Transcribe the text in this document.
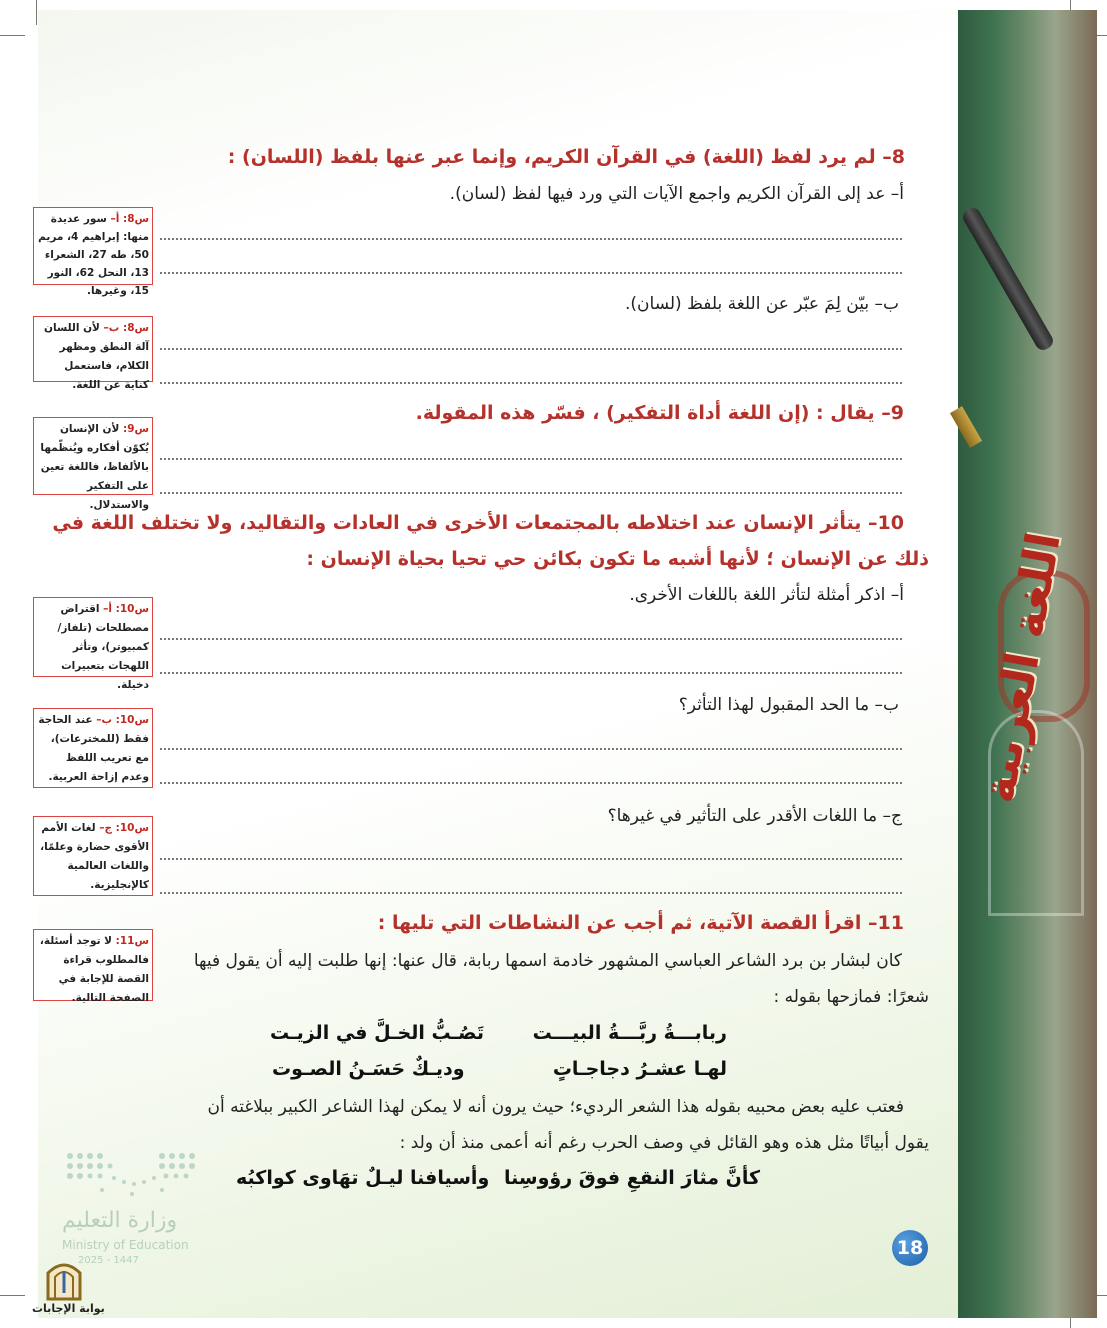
اللغة العربية
8– لم يرد لفظ (اللغة) في القرآن الكريم، وإنما عبر عنها بلفظ (اللسان) :
أ– عد إلى القرآن الكريم واجمع الآيات التي ورد فيها لفظ (لسان).
ب– بيّن لِمَ عبّر عن اللغة بلفظ (لسان).
9– يقال : (إن اللغة أداة التفكير) ، فسّر هذه المقولة.
10– يتأثر الإنسان عند اختلاطه بالمجتمعات الأخرى في العادات والتقاليد، ولا تختلف اللغة في
ذلك عن الإنسان ؛ لأنها أشبه ما تكون بكائن حي تحيا بحياة الإنسان :
أ– اذكر أمثلة لتأثر اللغة باللغات الأخرى.
ب– ما الحد المقبول لهذا التأثر؟
ج– ما اللغات الأقدر على التأثير في غيرها؟
11– اقرأ القصة الآتية، ثم أجب عن النشاطات التي تليها :
كان لبشار بن برد الشاعر العباسي المشهور خادمة اسمها ربابة، قال عنها: إنها طلبت إليه أن يقول فيها
شعرًا: فمازحها بقوله :
ربابـــةُ ربَّـــةُ البيـــت
تَصُـبُّ الخـلَّ في الزيـت
لهـا عشـرُ دجاجـاتٍ
وديـكٌ حَسَـنُ الصـوت
فعتب عليه بعض محبيه بقوله هذا الشعر الرديء؛ حيث يرون أنه لا يمكن لهذا الشاعر الكبير ببلاغته أن
يقول أبياتًا مثل هذه وهو القائل في وصف الحرب رغم أنه أعمى منذ أن ولد :
كأنَّ مثارَ النقعِ فوقَ رؤوسِنا
وأسيافنا ليـلٌ تهَاوى كواكبُه
س8: أ– سور عديدة منها: إبراهيم 4، مريم 50، طه 27، الشعراء 13، النحل 62، النور 15، وغيرها.
س8: ب– لأن اللسان آلة النطق ومظهر الكلام، فاستعمل كناية عن اللغة.
س9: لأن الإنسان يُكوّن أفكاره ويُنظّمها بالألفاظ، فاللغة تعين على التفكير والاستدلال.
س10: أ– اقتراض مصطلحات (تلفاز/ كمبيوتر)، وتأثر اللهجات بتعبيرات دخيلة.
س10: ب– عند الحاجة فقط (للمخترعات)، مع تعريب اللفظ وعدم إزاحة العربية.
س10: ج– لغات الأمم الأقوى حضارة وعلمًا، واللغات العالمية كالإنجليزية.
س11: لا توجد أسئلة، فالمطلوب قراءة القصة للإجابة في الصفحة التالية.
وزارة التعليم
Ministry of Education
2025 - 1447
بوابة الإجابات
18
